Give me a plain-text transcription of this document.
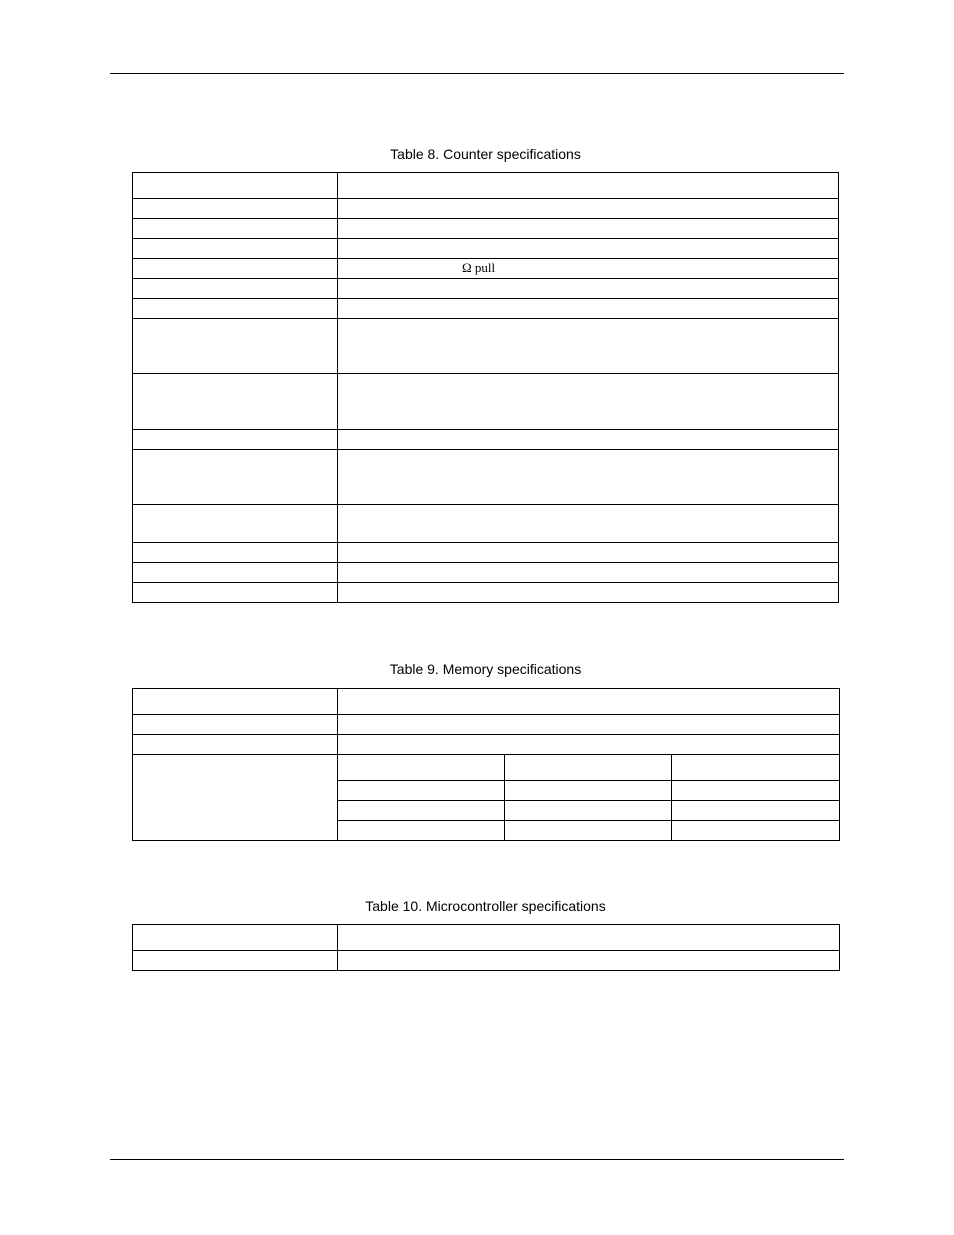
Table 8. Counter specifications

	Ω pull

Table 9. Memory specifications

Table 10. Microcontroller specifications
